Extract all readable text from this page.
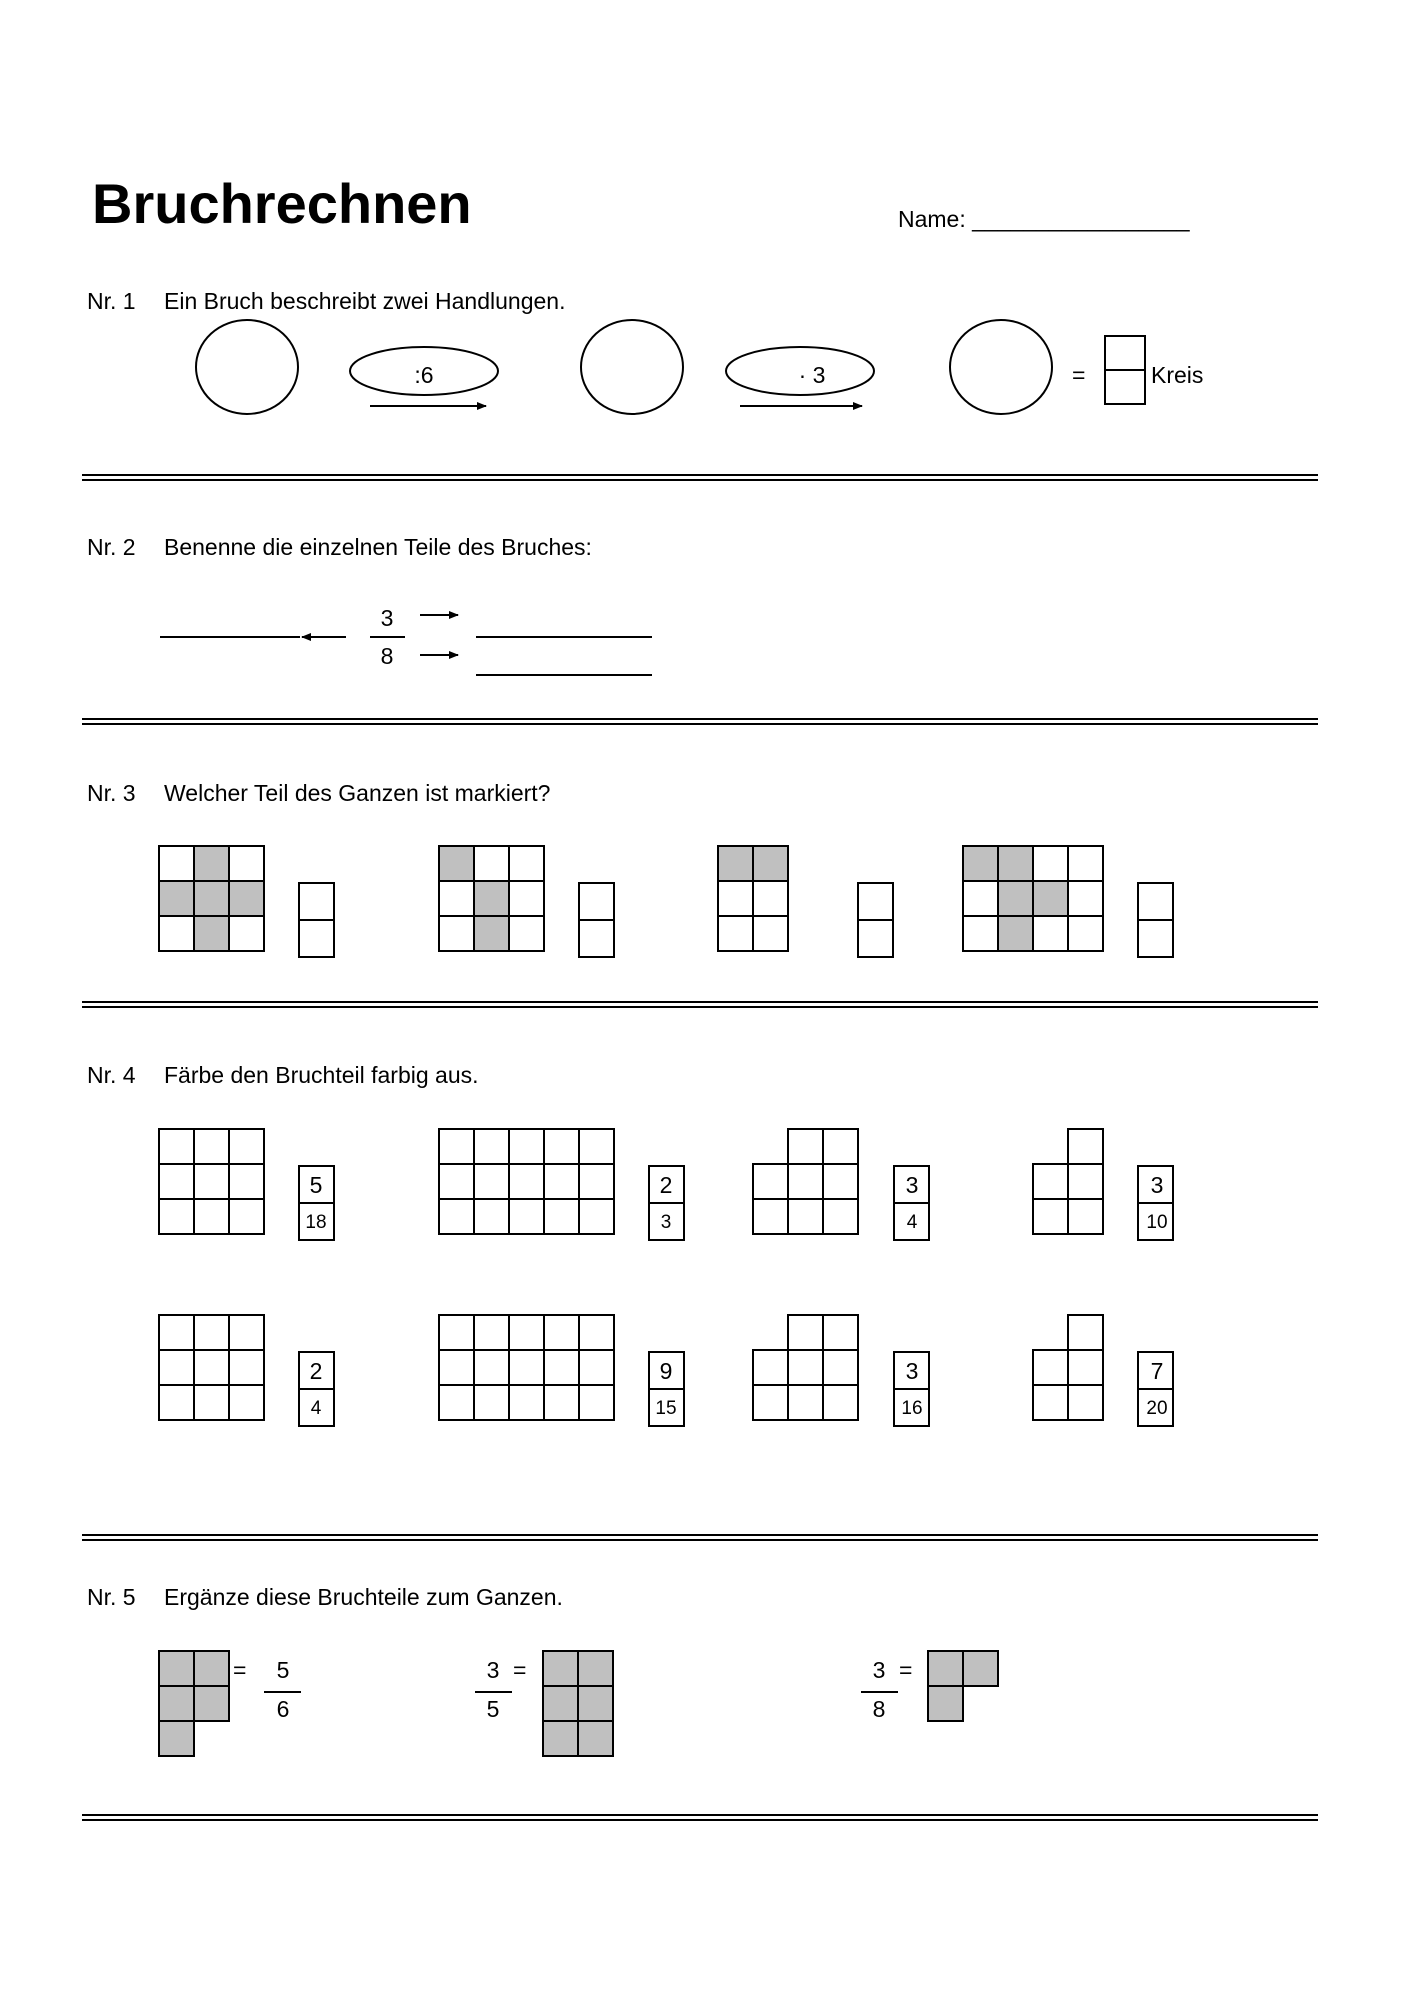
Bruchrechnen	Name: _________________
Nr. 1 Ein Bruch beschreibt zwei Handlungen.
:6	· 3	=	Kreis
Nr. 2 Benenne die einzelnen Teile des Bruches:
3
8
Nr. 3 Welcher Teil des Ganzen ist markiert?
Nr. 4 Färbe den Bruchteil farbig aus.
5
18
2
3
3
4
3
10
2
4
9
15
3
16
7
20
Nr. 5 Ergänze diese Bruchteile zum Ganzen.
=	5
6
3
5
=	3
8
=
